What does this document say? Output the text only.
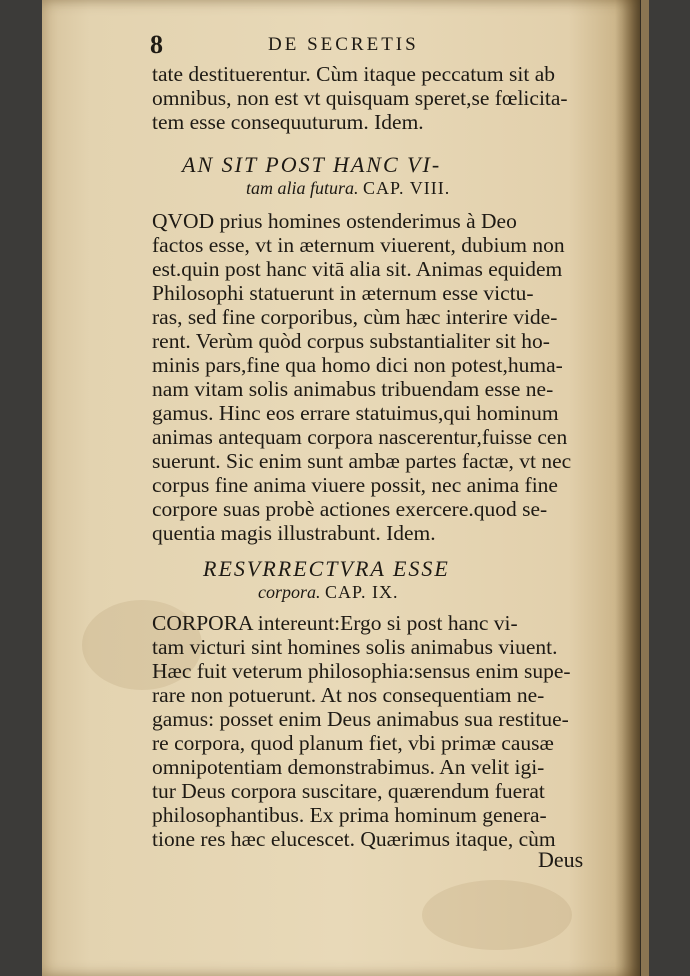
8	DE SECRETIS
tate destituerentur. Cùm itaque peccatum sit ab
omnibus, non est vt quisquam speret,se fœlicita-
tem esse consequuturum. Idem.
AN SIT POST HANC VI-
tam alia futura. CAP. VIII.
QVOD prius homines ostenderimus à Deo
factos esse, vt in æternum viuerent, dubium non
est.quin post hanc vitā alia sit. Animas equidem
Philosophi statuerunt in æternum esse victu-
ras, sed fine corporibus, cùm hæc interire vide-
rent. Verùm quòd corpus substantialiter sit ho-
minis pars,fine qua homo dici non potest,huma-
nam vitam solis animabus tribuendam esse ne-
gamus. Hinc eos errare statuimus,qui hominum
animas antequam corpora nascerentur,fuisse cen
suerunt. Sic enim sunt ambæ partes factæ, vt nec
corpus fine anima viuere possit, nec anima fine
corpore suas probè actiones exercere.quod se-
quentia magis illustrabunt. Idem.
RESVRRECTVRA ESSE
corpora. CAP. IX.
CORPORA intereunt:Ergo si post hanc vi-
tam victuri sint homines solis animabus viuent.
Hæc fuit veterum philosophia:sensus enim supe-
rare non potuerunt. At nos consequentiam ne-
gamus: posset enim Deus animabus sua restitue-
re corpora, quod planum fiet, vbi primæ causæ
omnipotentiam demonstrabimus. An velit igi-
tur Deus corpora suscitare, quærendum fuerat
philosophantibus. Ex prima hominum genera-
tione res hæc elucescet. Quærimus itaque, cùm
Deus
